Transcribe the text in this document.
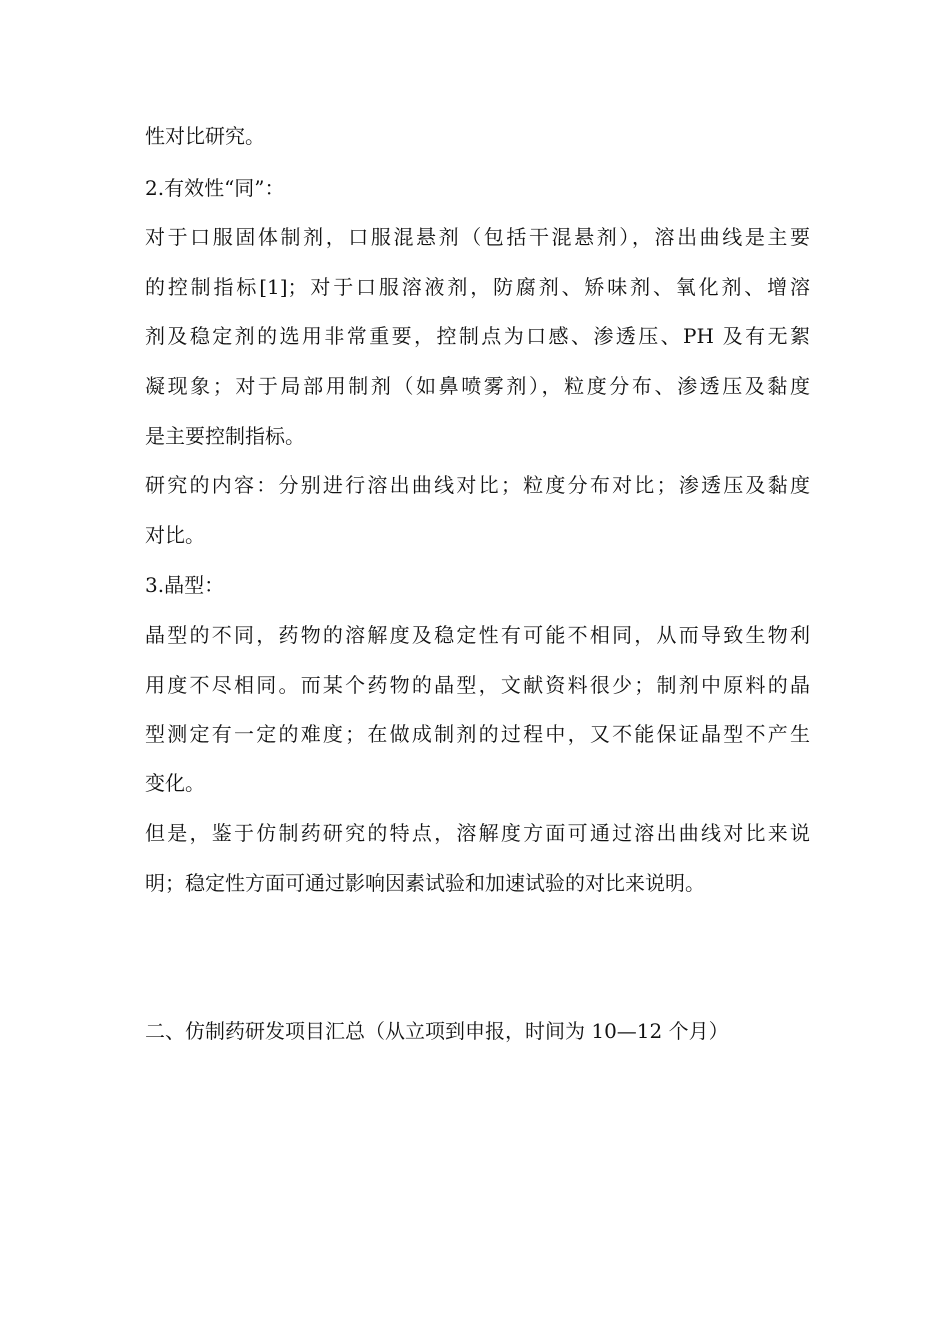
性对比研究。
2.有效性“同”：
对于口服固体制剂，口服混悬剂（包括干混悬剂），溶出曲线是主要
的控制指标[1]；对于口服溶液剂，防腐剂、矫味剂、氧化剂、增溶
剂及稳定剂的选用非常重要，控制点为口感、渗透压、PH 及有无絮
凝现象；对于局部用制剂（如鼻喷雾剂），粒度分布、渗透压及黏度
是主要控制指标。
研究的内容：分别进行溶出曲线对比；粒度分布对比；渗透压及黏度
对比。
3.晶型：
晶型的不同，药物的溶解度及稳定性有可能不相同，从而导致生物利
用度不尽相同。而某个药物的晶型，文献资料很少；制剂中原料的晶
型测定有一定的难度；在做成制剂的过程中，又不能保证晶型不产生
变化。
但是，鉴于仿制药研究的特点，溶解度方面可通过溶出曲线对比来说
明；稳定性方面可通过影响因素试验和加速试验的对比来说明。
二、仿制药研发项目汇总（从立项到申报，时间为 10—12 个月）
